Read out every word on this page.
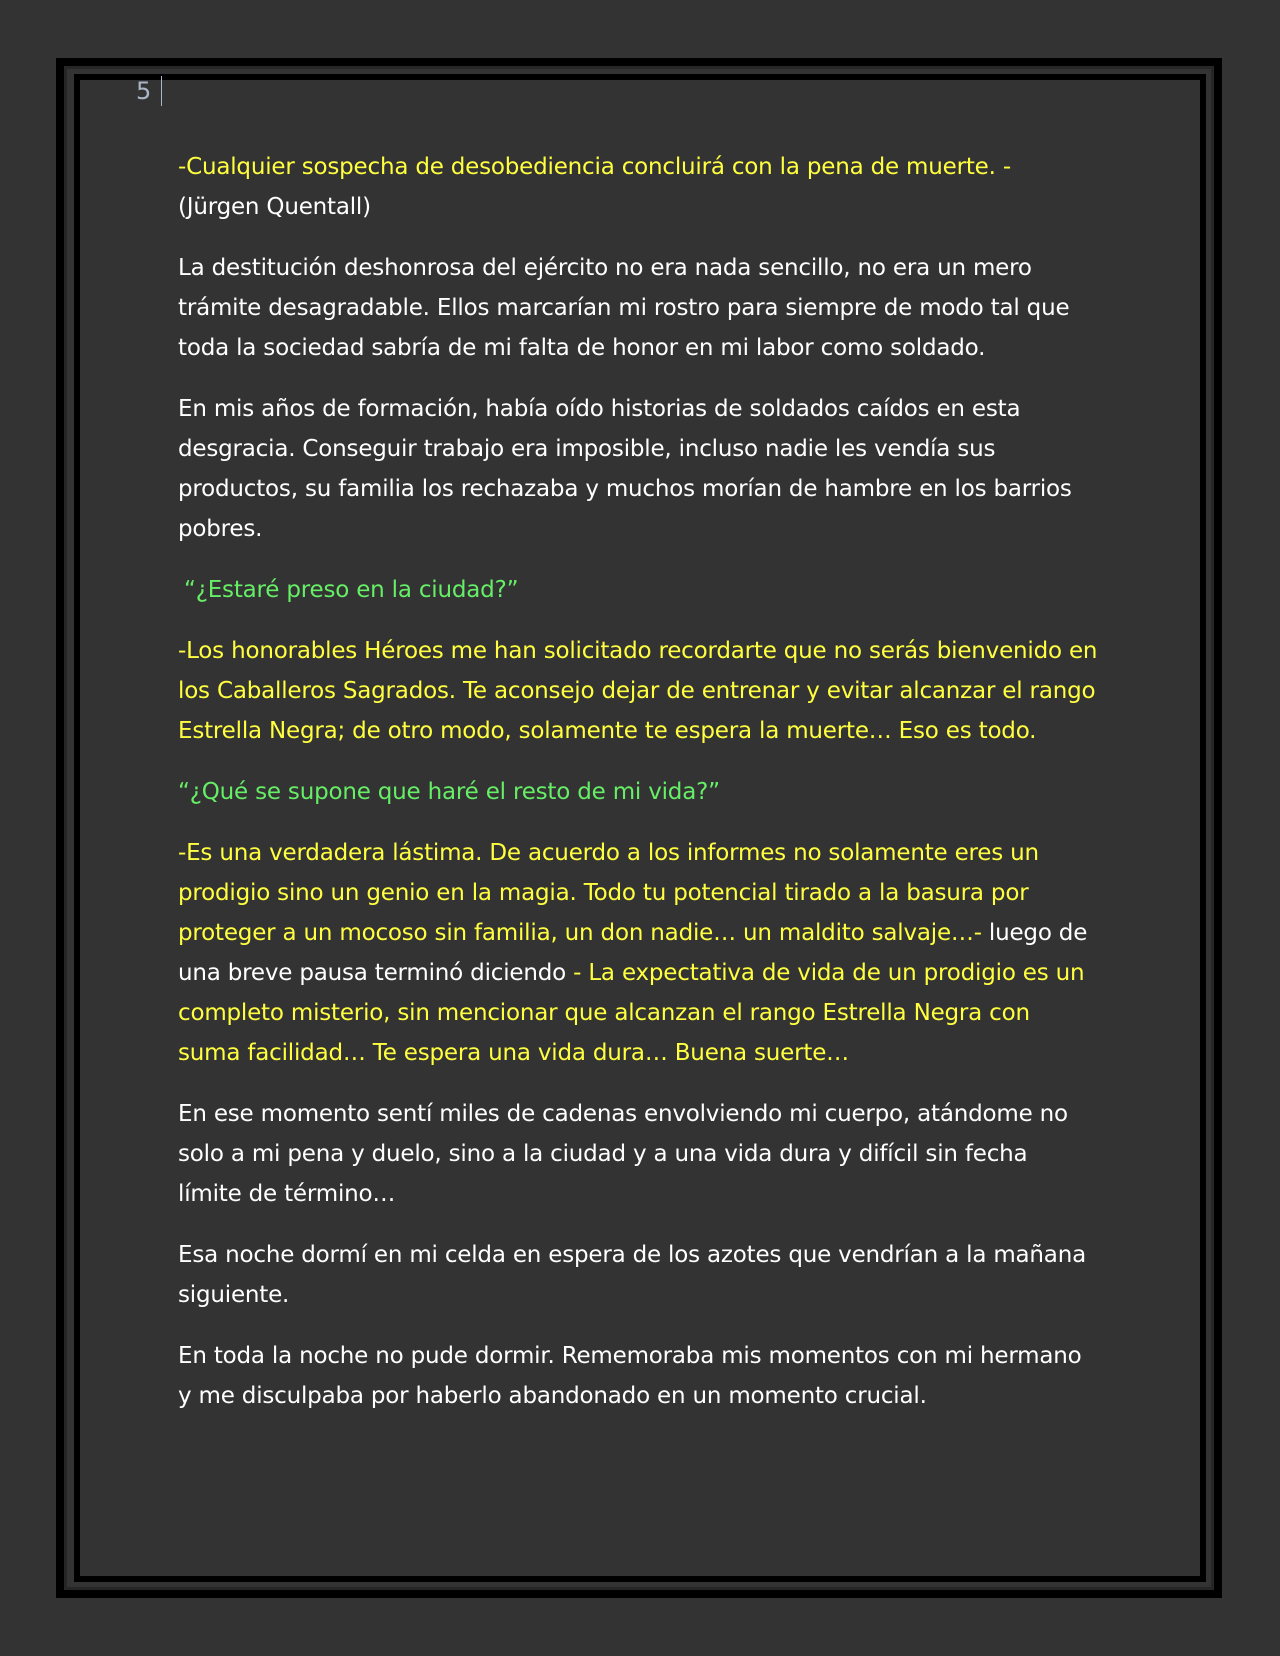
5

-Cualquier sospecha de desobediencia concluirá con la pena de muerte. -
(Jürgen Quentall)

La destitución deshonrosa del ejército no era nada sencillo, no era un mero trámite desagradable. Ellos marcarían mi rostro para siempre de modo tal que toda la sociedad sabría de mi falta de honor en mi labor como soldado.

En mis años de formación, había oído historias de soldados caídos en esta desgracia. Conseguir trabajo era imposible, incluso nadie les vendía sus productos, su familia los rechazaba y muchos morían de hambre en los barrios pobres.

“¿Estaré preso en la ciudad?”

-Los honorables Héroes me han solicitado recordarte que no serás bienvenido en los Caballeros Sagrados. Te aconsejo dejar de entrenar y evitar alcanzar el rango Estrella Negra; de otro modo, solamente te espera la muerte… Eso es todo.

“¿Qué se supone que haré el resto de mi vida?”

-Es una verdadera lástima. De acuerdo a los informes no solamente eres un prodigio sino un genio en la magia. Todo tu potencial tirado a la basura por proteger a un mocoso sin familia, un don nadie… un maldito salvaje…- luego de una breve pausa terminó diciendo - La expectativa de vida de un prodigio es un completo misterio, sin mencionar que alcanzan el rango Estrella Negra con suma facilidad… Te espera una vida dura… Buena suerte…

En ese momento sentí miles de cadenas envolviendo mi cuerpo, atándome no solo a mi pena y duelo, sino a la ciudad y a una vida dura y difícil sin fecha límite de término…

Esa noche dormí en mi celda en espera de los azotes que vendrían a la mañana siguiente.

En toda la noche no pude dormir. Rememoraba mis momentos con mi hermano y me disculpaba por haberlo abandonado en un momento crucial.
